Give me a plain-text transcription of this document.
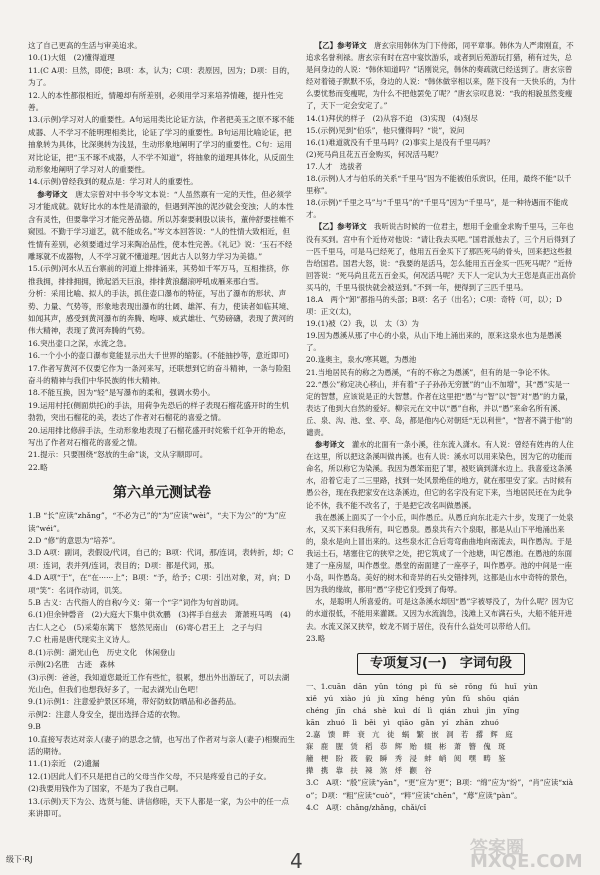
这了自己更高的生活与审美追求。

10.(1)大姐　(2)懂得道理

11.(C A项：旦然，即使；B项：本，认为；C项：表原因，因为；D项：目的，为了。

12.人的本性都很相近，情趣却有所差别，必须用学习来培养情趣，提升性完善。

13.(示例)学习对人的重要性。A句运用类比论证方法，作者把美玉之原不琢不能成器、人不学习不能明理相类比，论证了学习的重要性。B句运用比喻论证，把抽象转为具体，比深奥转为浅显，生动形象地阐明了学习的重要性。C句：运用对比论证，把“玉不琢不成器，人不学不知道”，将抽象的道理具体化，从反面生动形象地阐明了学习对人的重要性。

14.(示例)曾经我到的观点是：学习对人的重要性。

参考译文　 唐太宗曾对中书令岑文本说：“人虽然禀有一定的天性，但必须学习才能成就。就好比水的本性是清澈的，但遇到浑浊的泥沙就会变浊；人的本性含有灵性，但要靠学习才能完善品德。所以苏秦要刺股以读书，董仲舒要挂帷不窥园。不勤于学习道艺，就不能成名。”岑文本回答说：“人的性情大致相近，但性情有差别，必须要通过学习来陶冶品性，使本性完善。《礼记》说：‘玉石不经雕琢就不成器物，人不学习就不懂道理。’因此古人以努力学习为美德。”

15.(示例)河水从五台寨前的河道上排排涌来，其势如千军万马，互相推挤，你推我拥，排排拥拥，掀起滔天巨浪，排排黄浪翻滚呼吼成雁来那白雪。

分析：采用比喻、拟人的手法，抓住壶口瀑布的特征，写出了瀑布的形状、声势、力量、气势等，形象地表现出瀑布的壮阔、雄浑、有力，使读者如临其境、如闻其声，感受到黄河瀑布的奔腾、咆哮、威武雄壮、气势磅礴，表现了黄河的伟大精神，表现了黄河奔腾的气势。

16.突出壶口之深，水流之急。

16.一个小小的壶口瀑布竟能显示出大千世界的缩影。(不能抽抄等，意近即可)

17.作者写黄河不仅要它作为一条河来写，还联想到它的奋斗精神，一条与险阻奋斗的精神与我们中华民族的伟大精神。

18.不能互换，因为“轻”是写瀑布的柔和，强调水势小。

19.运用村托(侧面烘托)的手法，用荷争先恐后的样子表现石榴花盛开时的生机勃勃，突出石榴花的美，表达了作者对石榴花的喜爱之情。

20.运用排比修辞手法，生动形象地表现了石榴花盛开时姹紫千红争开的艳态，写出了作者对石榴花的喜爱之情。

21.提示：只要围绕“怒放的生命”谈，文从字顺即可。

22.略

第六单元测试卷

1.B “长”应读“zhǎng”，“不必为己”的“为”应读“wèi”，“夫下为公”的“为”应读“wéi”。

2.D “修”的意思为“培养”。

3.D A项：副词，表假设/代词，自己的；B项：代词，那/连词，表转折，却；C项：连词，表并列/连词，表目的；D项：都是代词，那。

4.D A项“于”，在“在······上”；B项：“予，给予；C项：引出对象，对，向；D项“笑”：名词作动词，讥笑。

5.B 古义：古代指人的自称/今义：第一个“字”词作为句首助词。

6.(1)但余钟磬音　(2)大庭大下集中供欢鹏　(3)挥手自兹去　萧萧班马鸣　(4)古仁人之心　(5)采菊东篱下　悠然见南山　(6)寄心君王上　之子与归

7.C 杜甫是唐代现实主义诗人。

8.(1)示例：湖光山色　历史文化　休闲登山

示例(2)名胜　古迹　森林

(3)示例：爸爸，我知道您最近工作有些忙，很累，想出外出游玩了，可以去湖光山色，但我们也想我好多了，一起去湖光山色吧！

9.(1)示例1：注意爱护景区环境，带好防蚊防晒品和必备药品。

示例2：注意人身安全，提出选择合适的衣物。

9.B

10.直接写表达对亲人(妻子)的思念之情，也写出了作者对与亲人(妻子)相聚而生活的期待。

11.(1)亲近　(2)遗漏

12.(1)因此人们不只是把自己的父母当作父母，不只是疼爱自己的子女。

(2)我要用钱作为了国家，不是为了我自己啊。

13.(示例)天下为公、选贤与能、讲信修睦，天下人都是一家，为公中的任一点来讲即可。

【乙】参考译文　 唐玄宗用韩休为门下侍郎，同平章事。韩休为人严肃刚直，不追求名誉利禄。唐玄宗有时在宫中宴饮游乐，或者到后苑游玩打猎，稍有过失，总是问身边的人说：“韩休知道吗？”话刚说完，韩休的奏疏就已经送到了。唐玄宗曾经对着镜子默默不乐，身边的人说：“韩休做宰相以来，陛下没有一天快乐的，为什么要忧愁而变瘦呢，为什么不把他罢免了呢？”唐玄宗叹息说：“我的相貌虽然变瘦了，天下一定会安定了。”

14.(1)拜伏的样子　(2)从容不迫　(3)实现　(4)刻尽

15.(示例)见到“伯乐”，他只懂得吗？“说”，说问

16.(1)难道就没有千里马吗？(2)事实上是没有千里马吗？

(2)死马尚且花五百金购买，何况活马呢？

17.人才　选拔者

18.(示例)人才与伯乐的关系“千里马”因为不能被伯乐赏识，任用，最终不能“以千里称”。

18.(示例)“千里之马”与“千里马”的“千里马”因为“千里马”，是一种待遇而不能成才。

【乙】参考译文　 我听说古时候的一位君主，想用千金重金求购千里马，三年也没有买到。宫中有个近侍对他说：“请让我去买吧。”国君派他去了，三个月后得到了一匹千里马，可是马已经死了，他用五百金买下了那匹死马的骨头，回来把这些报告给国君。国君大怒，说：“我要的是活马，怎么能用五百金买一匹死马呢？”近侍回答说：“死马尚且花五百金买，何况活马呢？天下人一定认为大王您是真正出高价买马的，千里马很快就会被送到。”不到一年，便得到了三匹千里马。

18.A　两个“卸”都指马的头部；B项：名子（出名）；C项：奇特（可，以）；D项：正文(太)，

19.(1)被（2）我，以　太（3）为

19.因为愚溪从那了中心的小泉，从山下地上涌出来的，原来这泉水也为是愚溪了。

20.逢奥主，泉水/寒其题，为愚池

21.当地居民有的称之为愚溪，“有的不称之为愚溪”，但有的是一争论不休。

22.“愚公”称定决心移山，并有着“子子孙孙无穷匮”的“山不加增”，其“愚”实是一定的智慧，应该说是正的大智慧。作者在这里把“愚”与“智”以“智”对“愚”的力量，表达了他到大自然的爱好。柳宗元在文中以“愚”自称，并以“愚”来命名所有溪、丘、泉、沟、池、堂、亭、岛，都是他内心对朝廷“无以利世”，“智者不满于他”的谴责。

参考译文　 灌水的北面有一条小溪，往东流入潇水。有人说：曾经有姓冉的人住在这里，所以把这条溪叫做冉溪。也有人说：溪水可以用来染色，因为它的功能而命名，所以称它为染溪。我因为愚笨而犯了罪，被贬谪到潇水边上。我喜爱这条溪水，沿着它走了二三里路，找到一处风景绝佳的地方，就在那里安了家。古时候有愚公谷，现在我把家安在这条溪边，但它的名字没有定下来，当地居民还在为此争论不休，我不能不改名了，于是把它改名叫做愚溪。

我在愚溪上面买了一个小丘，叫作愚丘。从愚丘向东北走六十步，发现了一处泉水，又买下来归我所有，叫它愚泉。愚泉共有六个泉眼，都是从山下平地涌出来的，泉水是向上冒出来的。这些泉水汇合后弯弯曲曲地向南流去，叫作愚沟。于是我运土石，堵塞住它的狭窄之处，把它筑成了一个池塘，叫它愚池。在愚池的东面建了一座房屋，叫作愚堂。愚堂的南面建了一座亭子，叫作愚亭。池的中间是一座小岛，叫作愚岛。美好的树木和奇异的石头交错排列，这都是山水中奇特的景色，因为我的缘故，都用“愚”字使它们受到了侮辱。

水，是聪明人所喜爱的。可是这条溪水却因“愚”字被辱没了，为什么呢？因为它的水道很低，不能用来灌溉。又因为水流湍急，浅滩上又布满石头，大船不能开进去。水流又深又狭窄，蛟龙不屑于居住，没有什么益处可以带给人们。

23.略

专项复习(一)　字词句段

一、1.cuān　dān　yǔn　tóng　pì　fú　sè　rǒng　fú　huǐ　yùn

xiě　yú　xiào　jú　jù　xīng　héng　yǔn　fǔ　shōu　qián

chéng　jīn　chá　shè　kuì　dí　lì　qián　zhuì　jìn　yǐng

kān　zhuó　lì　běi　yì　qiāo　gǎn　yí　zhān　zhuó

2.嘉　馈　畔　衰　亢　徒　蜗　繁　嵌　洞　若　撂　辉　庭

寐　鹿　腥　赁　稻　恭　辉　贻　辍　彬　萧　簪　傀　斑

艟　梗　盼　筱　毅　瞬　秀　浸　蚌　峭　阅　嘿　畴　鉴

撵　携　靠　扶　辣　煞　烀　颧　谷

3.C　A项：“殷”应读“yān”，“更”应为“更”；B项：“绵”应为“纷”，“肖”应读“xiào”；D项：“粗”应读“cuò”，“粹”应读“chēn”，“蓐”应读“pàn”。

4.C　A项：chǎng/zhǎng，chǎi/cǐ

级下·RJ	4
答案圈 MXQE.COM
